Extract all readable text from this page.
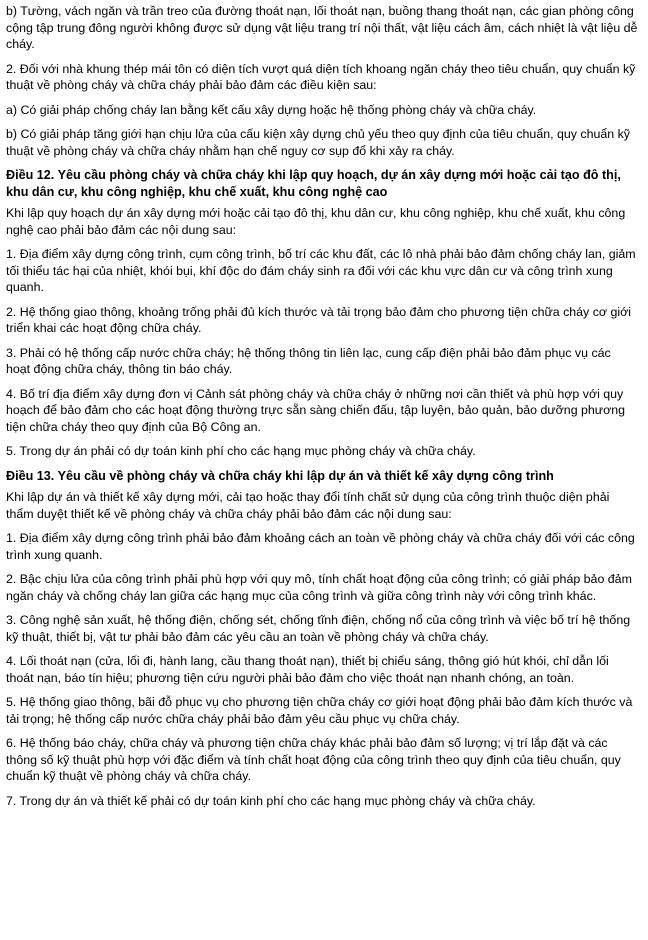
b) Tường, vách ngăn và trần treo của đường thoát nạn, lối thoát nạn, buồng thang thoát nạn, các gian phòng công cộng tập trung đông người không được sử dụng vật liệu trang trí nội thất, vật liệu cách âm, cách nhiệt là vật liệu dễ cháy.

2. Đối với nhà khung thép mái tôn có diện tích vượt quá diện tích khoang ngăn cháy theo tiêu chuẩn, quy chuẩn kỹ thuật về phòng cháy và chữa cháy phải bảo đảm các điều kiện sau:

a) Có giải pháp chống cháy lan bằng kết cấu xây dựng hoặc hệ thống phòng cháy và chữa cháy.

b) Có giải pháp tăng giới hạn chịu lửa của cấu kiện xây dựng chủ yếu theo quy định của tiêu chuẩn, quy chuẩn kỹ thuật về phòng cháy và chữa cháy nhằm hạn chế nguy cơ sụp đổ khi xảy ra cháy.

Điều 12. Yêu cầu phòng cháy và chữa cháy khi lập quy hoạch, dự án xây dựng mới hoặc cải tạo đô thị, khu dân cư, khu công nghiệp, khu chế xuất, khu công nghệ cao

Khi lập quy hoạch dự án xây dựng mới hoặc cải tạo đô thị, khu dân cư, khu công nghiệp, khu chế xuất, khu công nghệ cao phải bảo đảm các nội dung sau:

1. Địa điểm xây dựng công trình, cụm công trình, bố trí các khu đất, các lô nhà phải bảo đảm chống cháy lan, giảm tối thiểu tác hại của nhiệt, khói bụi, khí độc do đám cháy sinh ra đối với các khu vực dân cư và công trình xung quanh.

2. Hệ thống giao thông, khoảng trống phải đủ kích thước và tải trọng bảo đảm cho phương tiện chữa cháy cơ giới triển khai các hoạt động chữa cháy.

3. Phải có hệ thống cấp nước chữa cháy; hệ thống thông tin liên lạc, cung cấp điện phải bảo đảm phục vụ các hoạt động chữa cháy, thông tin báo cháy.

4. Bố trí địa điểm xây dựng đơn vị Cảnh sát phòng cháy và chữa cháy ở những nơi cần thiết và phù hợp với quy hoạch để bảo đảm cho các hoạt động thường trực sẵn sàng chiến đấu, tập luyện, bảo quản, bảo dưỡng phương tiện chữa cháy theo quy định của Bộ Công an.

5. Trong dự án phải có dự toán kinh phí cho các hạng mục phòng cháy và chữa cháy.

Điều 13. Yêu cầu về phòng cháy và chữa cháy khi lập dự án và thiết kế xây dựng công trình

Khi lập dự án và thiết kế xây dựng mới, cải tạo hoặc thay đổi tính chất sử dụng của công trình thuộc diện phải thẩm duyệt thiết kế về phòng cháy và chữa cháy phải bảo đảm các nội dung sau:

1. Địa điểm xây dựng công trình phải bảo đảm khoảng cách an toàn về phòng cháy và chữa cháy đối với các công trình xung quanh.

2. Bậc chịu lửa của công trình phải phù hợp với quy mô, tính chất hoạt động của công trình; có giải pháp bảo đảm ngăn cháy và chống cháy lan giữa các hạng mục của công trình và giữa công trình này với công trình khác.

3. Công nghệ sản xuất, hệ thống điện, chống sét, chống tĩnh điện, chống nổ của công trình và việc bố trí hệ thống kỹ thuật, thiết bị, vật tư phải bảo đảm các yêu cầu an toàn về phòng cháy và chữa cháy.

4. Lối thoát nạn (cửa, lối đi, hành lang, cầu thang thoát nạn), thiết bị chiếu sáng, thông gió hút khói, chỉ dẫn lối thoát nạn, báo tín hiệu; phương tiện cứu người phải bảo đảm cho việc thoát nạn nhanh chóng, an toàn.

5. Hệ thống giao thông, bãi đỗ phục vụ cho phương tiện chữa cháy cơ giới hoạt động phải bảo đảm kích thước và tải trọng; hệ thống cấp nước chữa cháy phải bảo đảm yêu cầu phục vụ chữa cháy.

6. Hệ thống báo cháy, chữa cháy và phương tiện chữa cháy khác phải bảo đảm số lượng; vị trí lắp đặt và các thông số kỹ thuật phù hợp với đặc điểm và tính chất hoạt động của công trình theo quy định của tiêu chuẩn, quy chuẩn kỹ thuật về phòng cháy và chữa cháy.

7. Trong dự án và thiết kế phải có dự toán kinh phí cho các hạng mục phòng cháy và chữa cháy.
